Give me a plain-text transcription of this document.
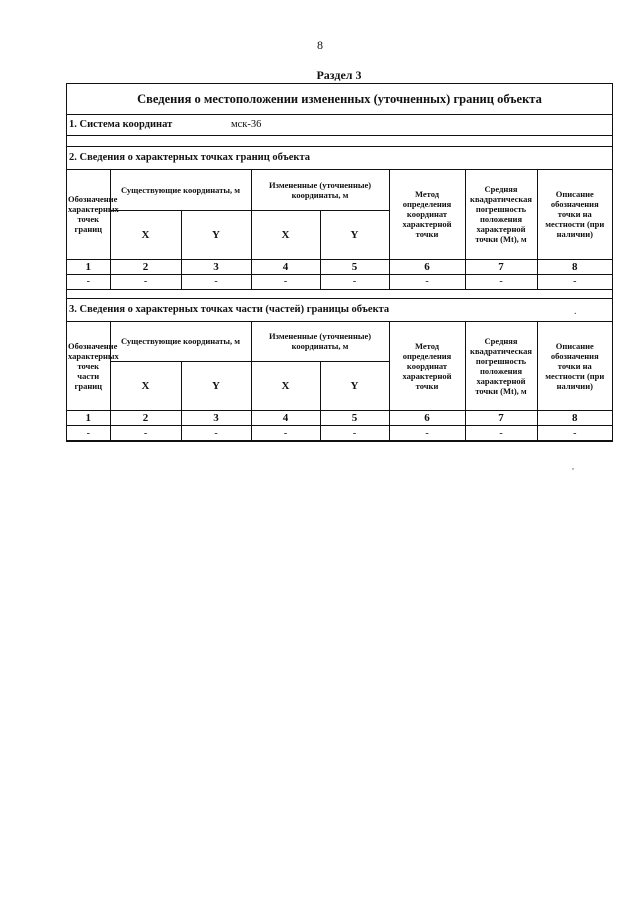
8
Раздел 3
Сведения о местоположении измененных (уточненных) границ объекта
1. Система координат	мск-36
2. Сведения о характерных точках границ объекта
Обозначение характерных точек границ	Существующие координаты, м		Измененные (уточненные) координаты, м		Метод определения координат характерной точки	Средняя квадратическая погрешность положения характерной точки (Mt), м	Описание обозначения точки на местности (при наличии)
	X	Y	X	Y			
1	2	3	4	5	6	7	8
-	-	-	-	-	-	-	-
3. Сведения о характерных точках части (частей) границы объекта
Обозначение характерных точек части границ	Существующие координаты, м		Измененные (уточненные) координаты, м		Метод определения координат характерной точки	Средняя квадратическая погрешность положения характерной точки (Mt), м	Описание обозначения точки на местности (при наличии)
	X	Y	X	Y			
1	2	3	4	5	6	7	8
-	-	-	-	-	-	-	-
.
,
